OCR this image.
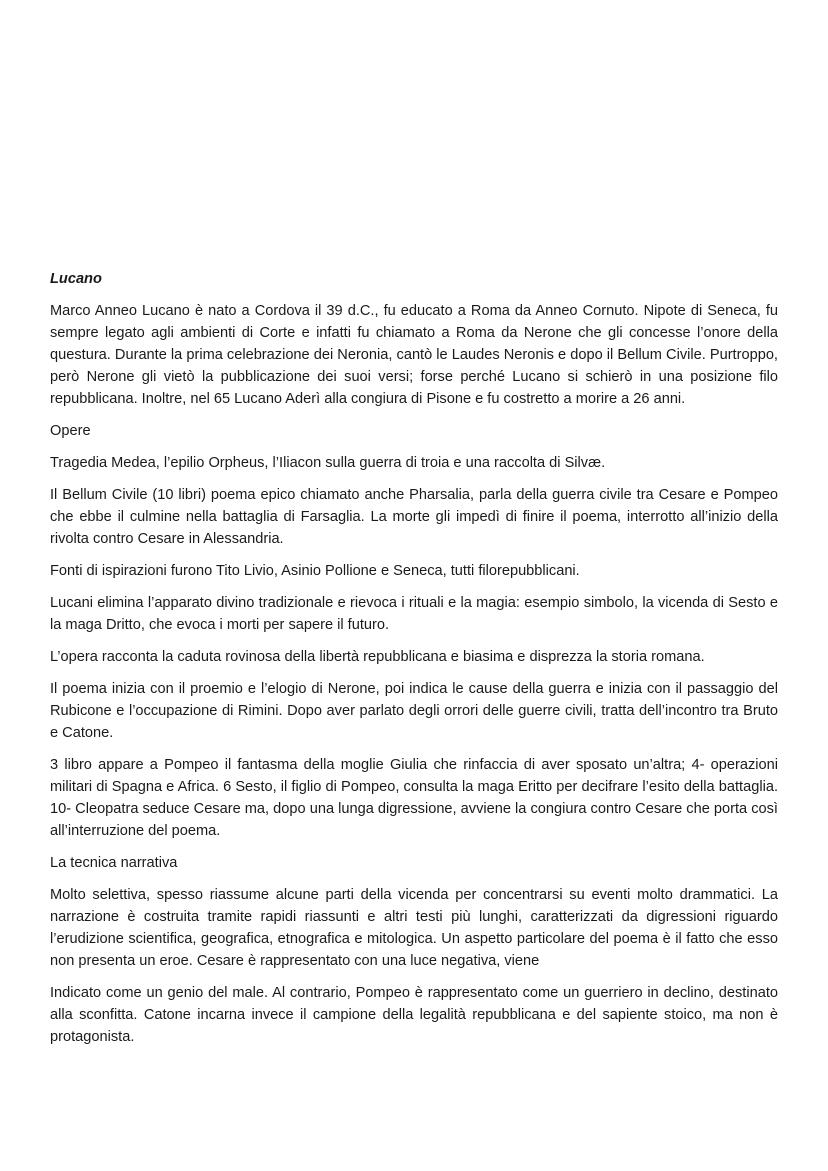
Lucano

Marco Anneo Lucano è nato a Cordova il 39 d.C., fu educato a Roma da Anneo Cornuto. Nipote di Seneca, fu sempre legato agli ambienti di Corte e infatti fu chiamato a Roma da Nerone che gli concesse l’onore della questura. Durante la prima celebrazione dei Neronia, cantò le Laudes Neronis e dopo il Bellum Civile. Purtroppo, però Nerone gli vietò la pubblicazione dei suoi versi; forse perché Lucano si schierò in una posizione filo repubblicana. Inoltre, nel 65 Lucano Aderì alla congiura di Pisone e fu costretto a morire a 26 anni.

Opere

Tragedia Medea, l’epilio Orpheus, l’Iliacon sulla guerra di troia e una raccolta di Silvæ.

Il Bellum Civile (10 libri) poema epico chiamato anche Pharsalia, parla della guerra civile tra Cesare e Pompeo che ebbe il culmine nella battaglia di Farsaglia. La morte gli impedì di finire il poema, interrotto all’inizio della rivolta contro Cesare in Alessandria.

Fonti di ispirazioni furono Tito Livio, Asinio Pollione e Seneca, tutti filorepubblicani.

Lucani elimina l’apparato divino tradizionale e rievoca i rituali e la magia: esempio simbolo, la vicenda di Sesto e la maga Dritto, che evoca i morti per sapere il futuro.

L’opera racconta la caduta rovinosa della libertà repubblicana e biasima e disprezza la storia romana.

Il poema inizia con il proemio e l’elogio di Nerone, poi indica le cause della guerra e inizia con il passaggio del Rubicone e l’occupazione di Rimini. Dopo aver parlato degli orrori delle guerre civili, tratta dell’incontro tra Bruto e Catone.

3 libro appare a Pompeo il fantasma della moglie Giulia che rinfaccia di aver sposato un’altra; 4- operazioni militari di Spagna e Africa. 6 Sesto, il figlio di Pompeo, consulta la maga Eritto per decifrare l’esito della battaglia. 10- Cleopatra seduce Cesare ma, dopo una lunga digressione, avviene la congiura contro Cesare che porta così all’interruzione del poema.

La tecnica narrativa

Molto selettiva, spesso riassume alcune parti della vicenda per concentrarsi su eventi molto drammatici. La narrazione è costruita tramite rapidi riassunti e altri testi più lunghi, caratterizzati da digressioni riguardo l’erudizione scientifica, geografica, etnografica e mitologica. Un aspetto particolare del poema è il fatto che esso non presenta un eroe. Cesare è rappresentato con una luce negativa, viene

Indicato come un genio del male. Al contrario, Pompeo è rappresentato come un guerriero in declino, destinato alla sconfitta. Catone incarna invece il campione della legalità repubblicana e del sapiente stoico, ma non è protagonista.
